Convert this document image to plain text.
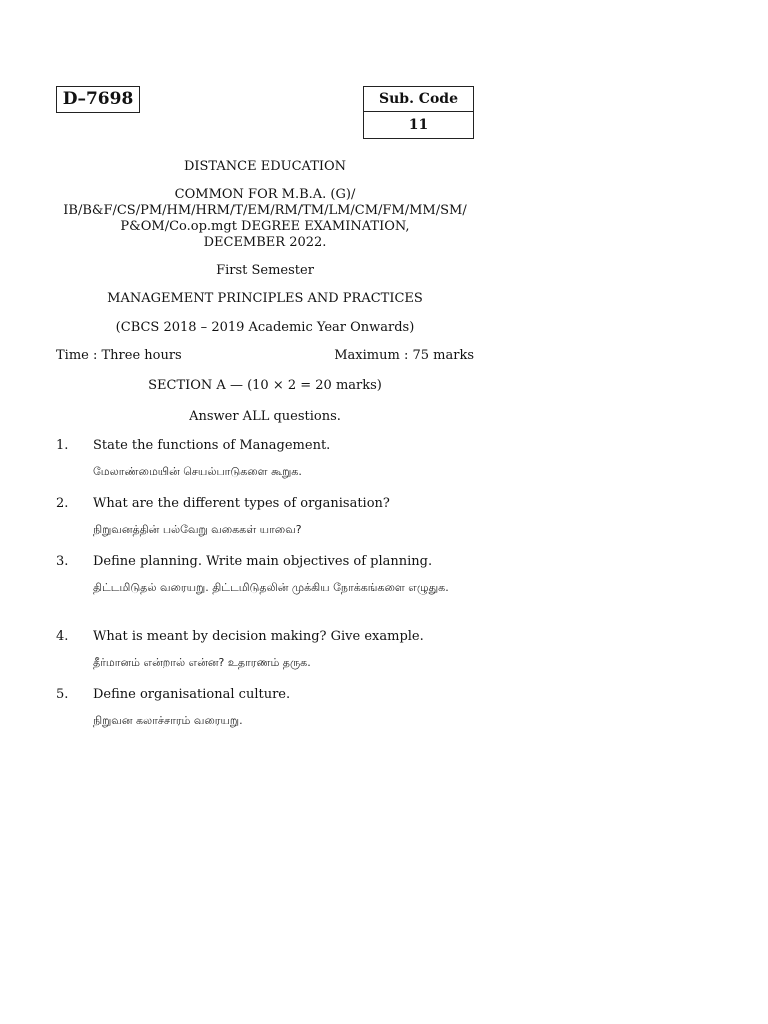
D–7698	Sub. Code
11
DISTANCE EDUCATION
COMMON FOR M.B.A. (G)/
IB/B&F/CS/PM/HM/HRM/T/EM/RM/TM/LM/CM/FM/MM/SM/
P&OM/Co.op.mgt DEGREE EXAMINATION,
DECEMBER 2022.
First Semester
MANAGEMENT PRINCIPLES AND PRACTICES
(CBCS 2018 – 2019 Academic Year Onwards)
Time : Three hours	Maximum : 75 marks
SECTION A — (10 × 2 = 20 marks)
Answer ALL questions.
1. State the functions of Management.
மேலாண்மையின் செயல்பாடுகளை கூறுக.
2. What are the different types of organisation?
நிறுவனத்தின் பல்வேறு வகைகள் யாவை?
3. Define planning. Write main objectives of planning.
திட்டமிடுதல் வரையறு. திட்டமிடுதலின் முக்கிய நோக்கங்களை எழுதுக.
4. What is meant by decision making? Give example.
தீர்மானம் என்றால் என்ன? உதாரணம் தருக.
5. Define organisational culture.
நிறுவன கலாச்சாரம் வரையறு.
